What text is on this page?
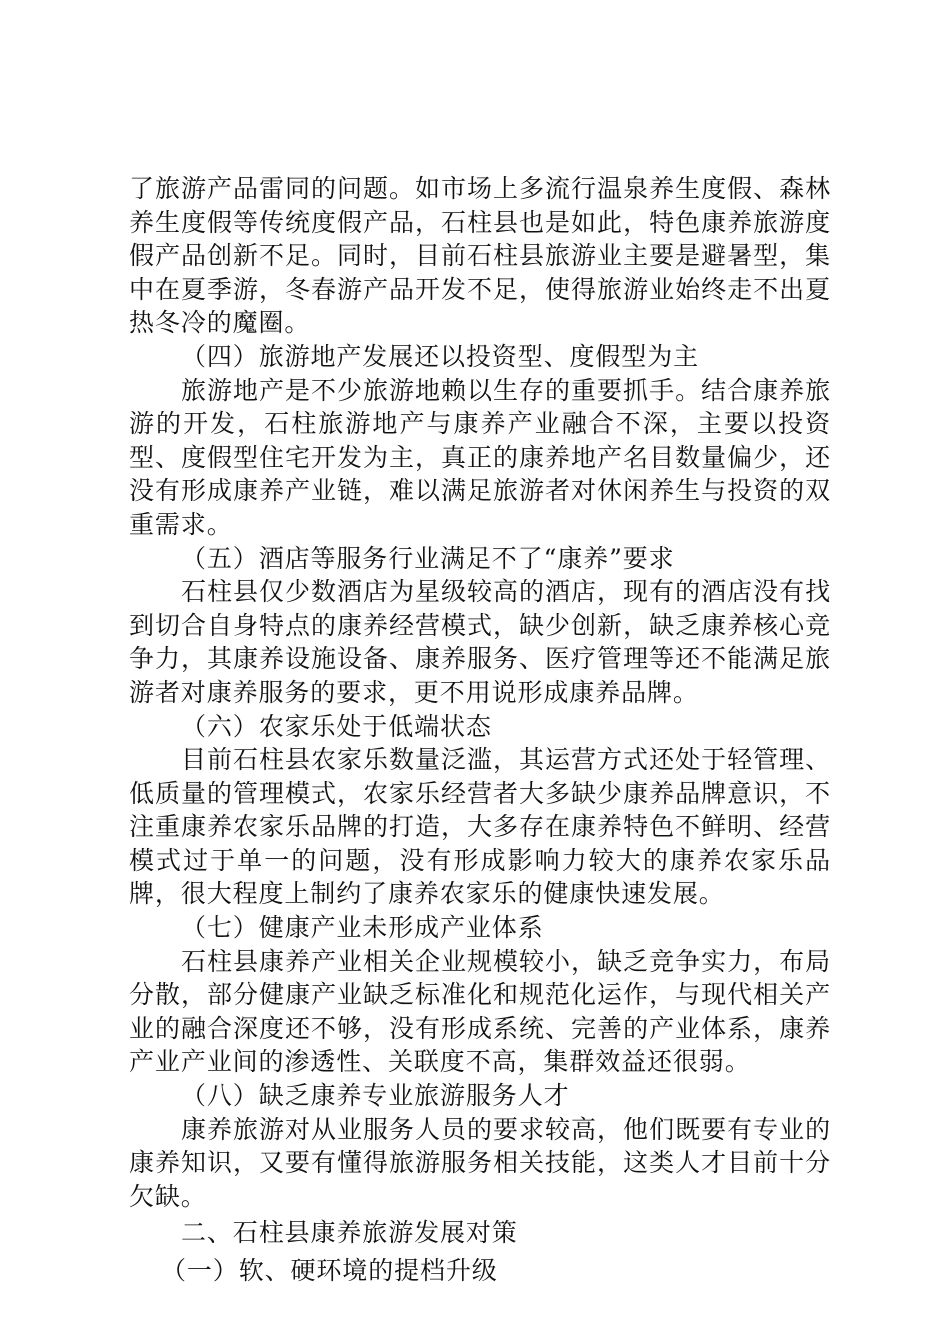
了旅游产品雷同的问题。如市场上多流行温泉养生度假、森林养生度假等传统度假产品，石柱县也是如此，特色康养旅游度假产品创新不足。同时，目前石柱县旅游业主要是避暑型，集中在夏季游，冬春游产品开发不足，使得旅游业始终走不出夏热冬冷的魔圈。

（四）旅游地产发展还以投资型、度假型为主

旅游地产是不少旅游地赖以生存的重要抓手。结合康养旅游的开发，石柱旅游地产与康养产业融合不深，主要以投资型、度假型住宅开发为主，真正的康养地产名目数量偏少，还没有形成康养产业链，难以满足旅游者对休闲养生与投资的双重需求。

（五）酒店等服务行业满足不了“康养”要求

石柱县仅少数酒店为星级较高的酒店，现有的酒店没有找到切合自身特点的康养经营模式，缺少创新，缺乏康养核心竞争力，其康养设施设备、康养服务、医疗管理等还不能满足旅游者对康养服务的要求，更不用说形成康养品牌。

（六）农家乐处于低端状态

目前石柱县农家乐数量泛滥，其运营方式还处于轻管理、低质量的管理模式，农家乐经营者大多缺少康养品牌意识，不注重康养农家乐品牌的打造，大多存在康养特色不鲜明、经营模式过于单一的问题，没有形成影响力较大的康养农家乐品牌，很大程度上制约了康养农家乐的健康快速发展。

（七）健康产业未形成产业体系

石柱县康养产业相关企业规模较小，缺乏竞争实力，布局分散，部分健康产业缺乏标准化和规范化运作，与现代相关产业的融合深度还不够，没有形成系统、完善的产业体系，康养产业产业间的渗透性、关联度不高，集群效益还很弱。

（八）缺乏康养专业旅游服务人才

康养旅游对从业服务人员的要求较高，他们既要有专业的康养知识，又要有懂得旅游服务相关技能，这类人才目前十分欠缺。

二、石柱县康养旅游发展对策

（一）软、硬环境的提档升级
